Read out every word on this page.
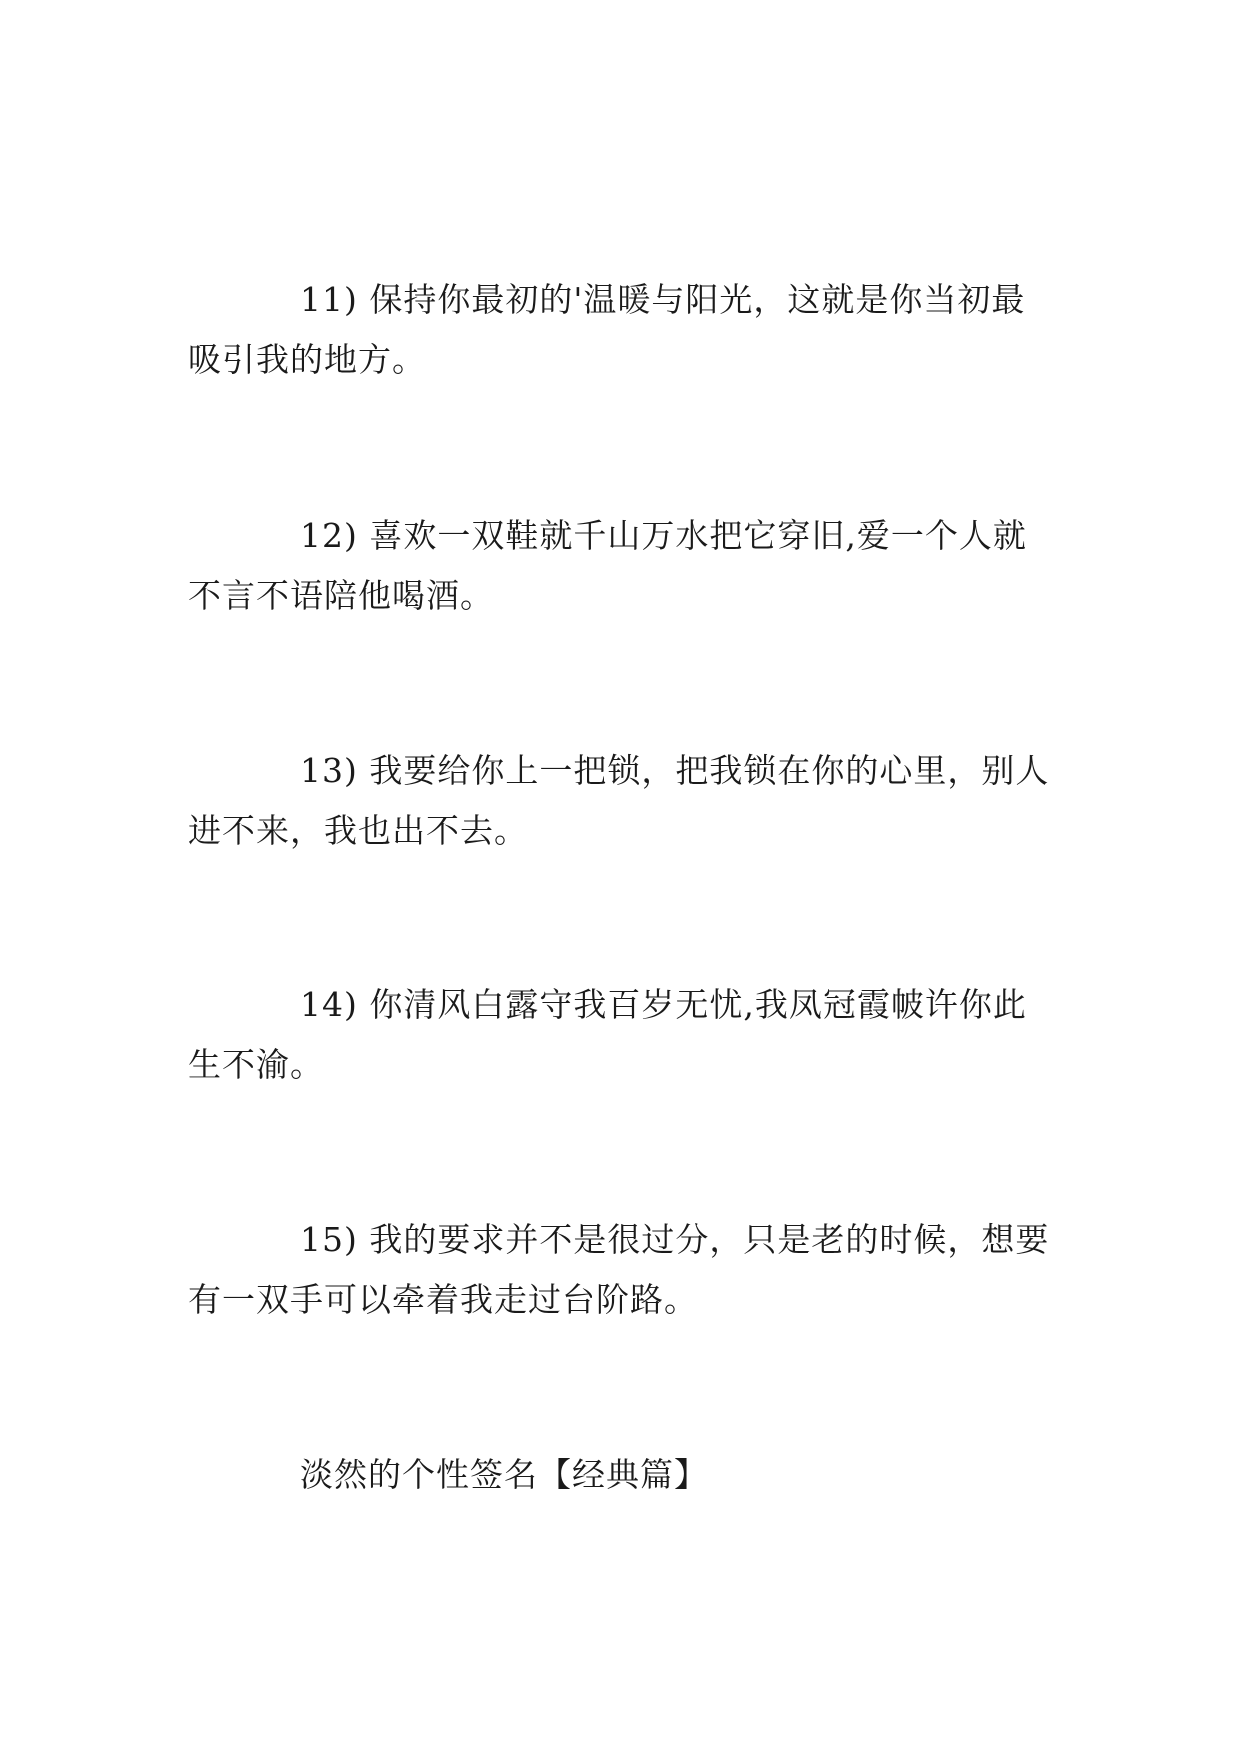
11) 保持你最初的'温暖与阳光，这就是你当初最吸引我的地方。

12) 喜欢一双鞋就千山万水把它穿旧,爱一个人就不言不语陪他喝酒。

13) 我要给你上一把锁，把我锁在你的心里，别人进不来，我也出不去。

14) 你清风白露守我百岁无忧,我凤冠霞帔许你此生不渝。

15) 我的要求并不是很过分，只是老的时候，想要有一双手可以牵着我走过台阶路。

淡然的个性签名【经典篇】
